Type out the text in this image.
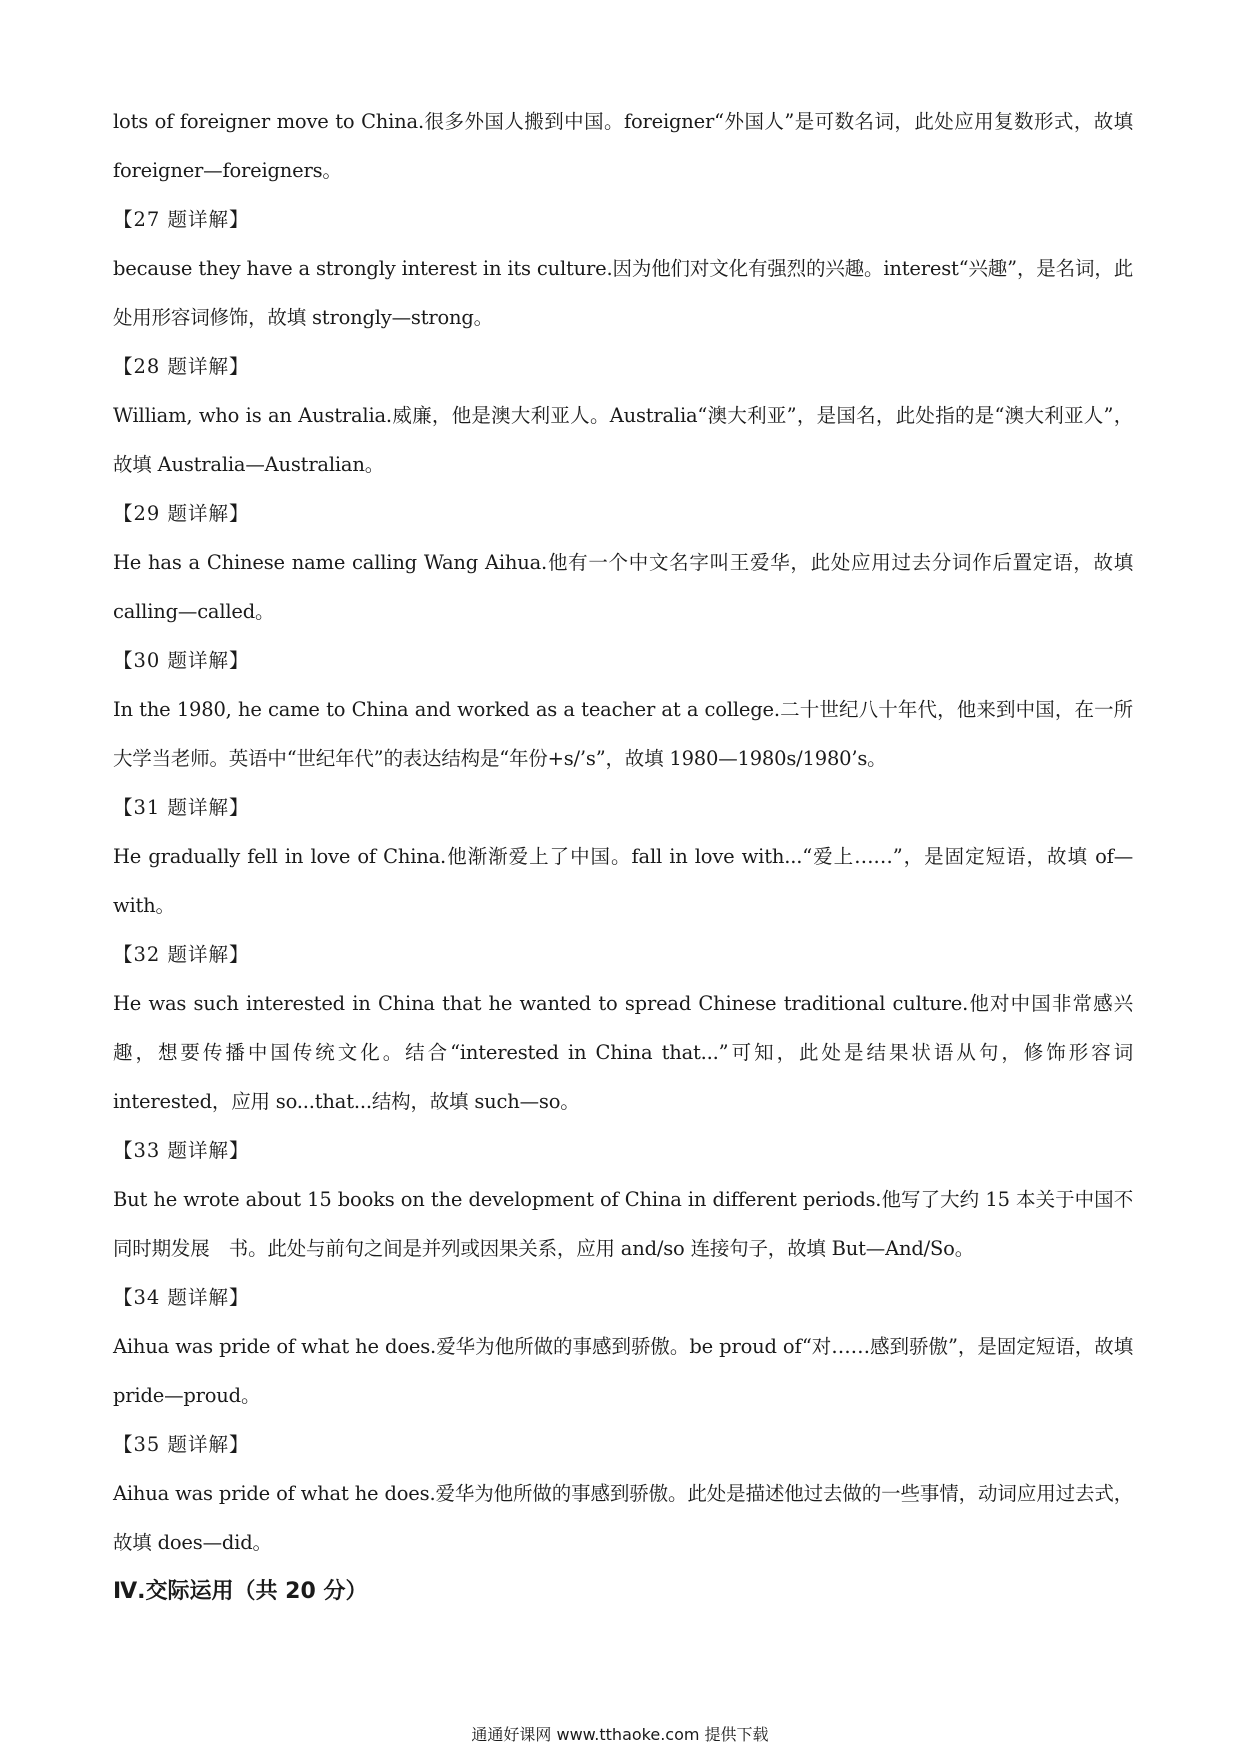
lots of foreigner move to China.很多外国人搬到中国。foreigner“外国人”是可数名词，此处应用复数形式，故填 foreigner—foreigners。

【27 题详解】

because they have a strongly interest in its culture.因为他们对文化有强烈的兴趣。interest“兴趣”，是名词，此处用形容词修饰，故填 strongly—strong。

【28 题详解】

William, who is an Australia.威廉，他是澳大利亚人。Australia“澳大利亚”，是国名，此处指的是“澳大利亚人”，故填 Australia—Australian。

【29 题详解】

He has a Chinese name calling Wang Aihua.他有一个中文名字叫王爱华，此处应用过去分词作后置定语，故填 calling—called。

【30 题详解】

In the 1980, he came to China and worked as a teacher at a college.二十世纪八十年代，他来到中国，在一所大学当老师。英语中“世纪年代”的表达结构是“年份+s/’s”，故填 1980—1980s/1980’s。

【31 题详解】

He gradually fell in love of China.他渐渐爱上了中国。fall in love with...“爱上……”，是固定短语，故填 of—with。

【32 题详解】

He was such interested in China that he wanted to spread Chinese traditional culture.他对中国非常感兴趣，想要传播中国传统文化。结合“interested in China that...”可知，此处是结果状语从句，修饰形容词 interested，应用 so...that...结构，故填 such—so。

【33 题详解】

But he wrote about 15 books on the development of China in different periods.他写了大约 15 本关于中国不同时期发展　书。此处与前句之间是并列或因果关系，应用 and/so 连接句子，故填 But—And/So。

【34 题详解】

Aihua was pride of what he does.爱华为他所做的事感到骄傲。be proud of“对……感到骄傲”，是固定短语，故填 pride—proud。

【35 题详解】

Aihua was pride of what he does.爱华为他所做的事感到骄傲。此处是描述他过去做的一些事情，动词应用过去式，故填 does—did。

Ⅳ.交际运用（共 20 分）

通通好课网 www.tthaoke.com 提供下载
